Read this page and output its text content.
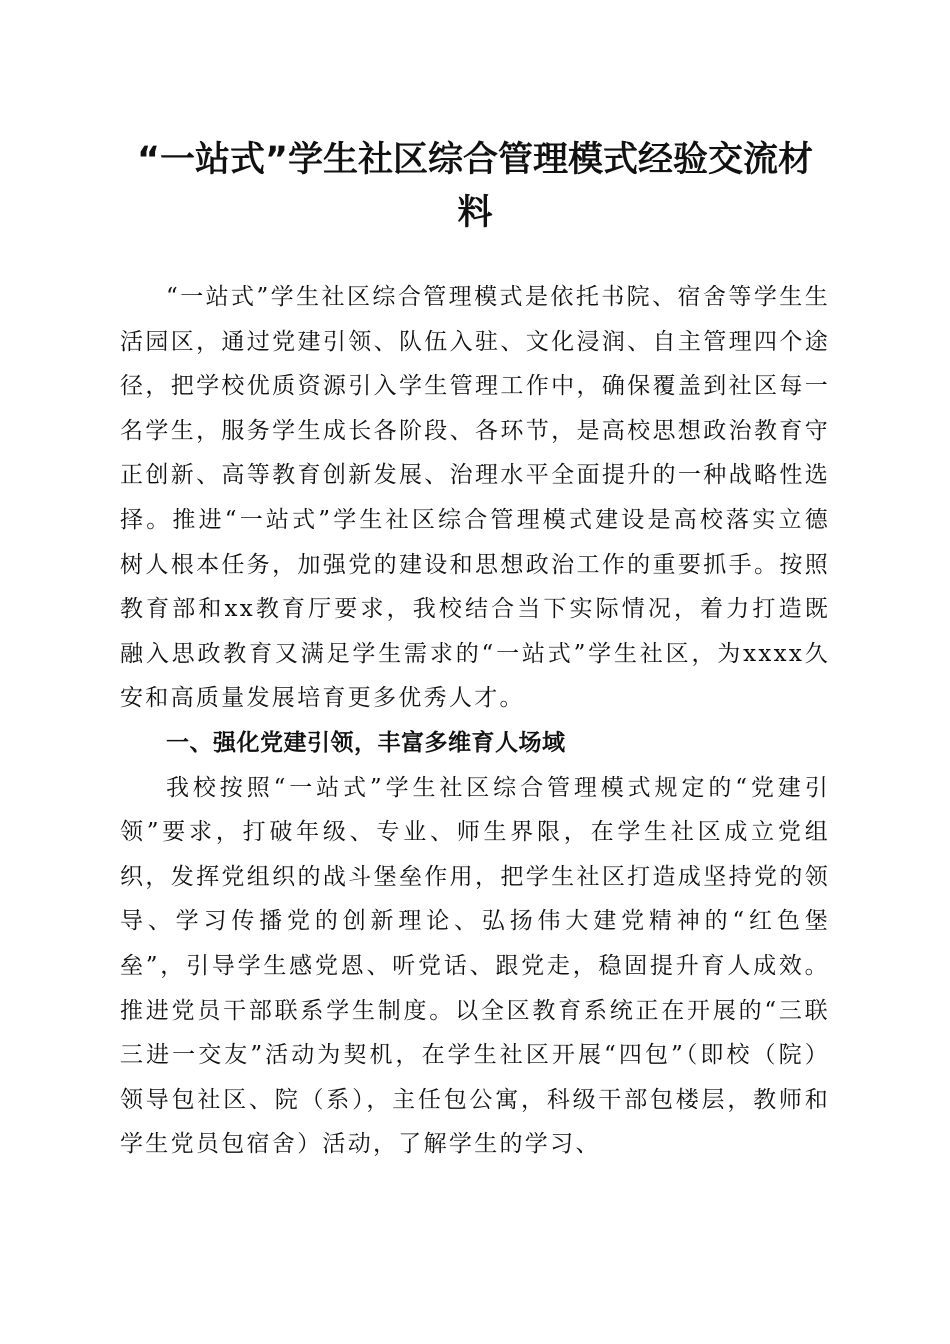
“一站式”学生社区综合管理模式经验交流材料

“一站式”学生社区综合管理模式是依托书院、宿舍等学生生活园区，通过党建引领、队伍入驻、文化浸润、自主管理四个途径，把学校优质资源引入学生管理工作中，确保覆盖到社区每一名学生，服务学生成长各阶段、各环节，是高校思想政治教育守正创新、高等教育创新发展、治理水平全面提升的一种战略性选择。推进“一站式”学生社区综合管理模式建设是高校落实立德树人根本任务，加强党的建设和思想政治工作的重要抓手。按照教育部和xx教育厅要求，我校结合当下实际情况，着力打造既融入思政教育又满足学生需求的“一站式”学生社区，为xxxx久安和高质量发展培育更多优秀人才。

一、强化党建引领，丰富多维育人场域

我校按照“一站式”学生社区综合管理模式规定的“党建引领”要求，打破年级、专业、师生界限，在学生社区成立党组织，发挥党组织的战斗堡垒作用，把学生社区打造成坚持党的领导、学习传播党的创新理论、弘扬伟大建党精神的“红色堡垒”，引导学生感党恩、听党话、跟党走，稳固提升育人成效。推进党员干部联系学生制度。以全区教育系统正在开展的“三联三进一交友”活动为契机，在学生社区开展“四包”（即校（院）领导包社区、院（系），主任包公寓，科级干部包楼层，教师和学生党员包宿舍）活动，了解学生的学习、
